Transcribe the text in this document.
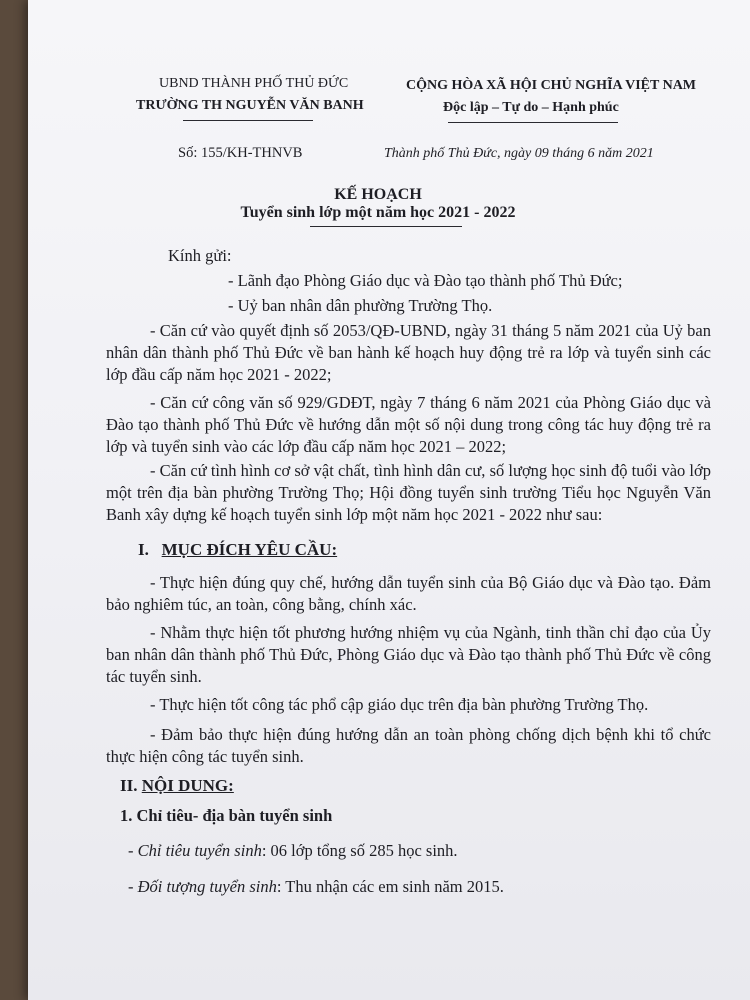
UBND THÀNH PHỐ THỦ ĐỨC
TRƯỜNG TH NGUYỄN VĂN BANH
CỘNG HÒA XÃ HỘI CHỦ NGHĨA VIỆT NAM
Độc lập – Tự do – Hạnh phúc
Số: 155/KH-THNVB	Thành phố Thủ Đức, ngày 09 tháng 6 năm 2021
KẾ HOẠCH
Tuyển sinh lớp một năm học 2021 - 2022
Kính gửi:
- Lãnh đạo Phòng Giáo dục và Đào tạo thành phố Thủ Đức;
- Uỷ ban nhân dân phường Trường Thọ.
- Căn cứ vào quyết định số 2053/QĐ-UBND, ngày 31 tháng 5 năm 2021 của Uỷ ban nhân dân thành phố Thủ Đức về ban hành kế hoạch huy động trẻ ra lớp và tuyển sinh các lớp đầu cấp năm học 2021 - 2022;
- Căn cứ công văn số 929/GDĐT, ngày 7 tháng 6 năm 2021 của Phòng Giáo dục và Đào tạo thành phố Thủ Đức về hướng dẫn một số nội dung trong công tác huy động trẻ ra lớp và tuyển sinh vào các lớp đầu cấp năm học 2021 – 2022;
- Căn cứ tình hình cơ sở vật chất, tình hình dân cư, số lượng học sinh độ tuổi vào lớp một trên địa bàn phường Trường Thọ; Hội đồng tuyển sinh trường Tiểu học Nguyễn Văn Banh xây dựng kế hoạch tuyển sinh lớp một năm học 2021 - 2022 như sau:
I. MỤC ĐÍCH YÊU CẦU:
- Thực hiện đúng quy chế, hướng dẫn tuyển sinh của Bộ Giáo dục và Đào tạo. Đảm bảo nghiêm túc, an toàn, công bằng, chính xác.
- Nhằm thực hiện tốt phương hướng nhiệm vụ của Ngành, tinh thần chỉ đạo của Ủy ban nhân dân thành phố Thủ Đức, Phòng Giáo dục và Đào tạo thành phố Thủ Đức về công tác tuyển sinh.
- Thực hiện tốt công tác phổ cập giáo dục trên địa bàn phường Trường Thọ.
- Đảm bảo thực hiện đúng hướng dẫn an toàn phòng chống dịch bệnh khi tổ chức thực hiện công tác tuyển sinh.
II. NỘI DUNG:
1. Chỉ tiêu- địa bàn tuyển sinh
- Chỉ tiêu tuyển sinh: 06 lớp tổng số 285 học sinh.
- Đối tượng tuyển sinh: Thu nhận các em sinh năm 2015.
